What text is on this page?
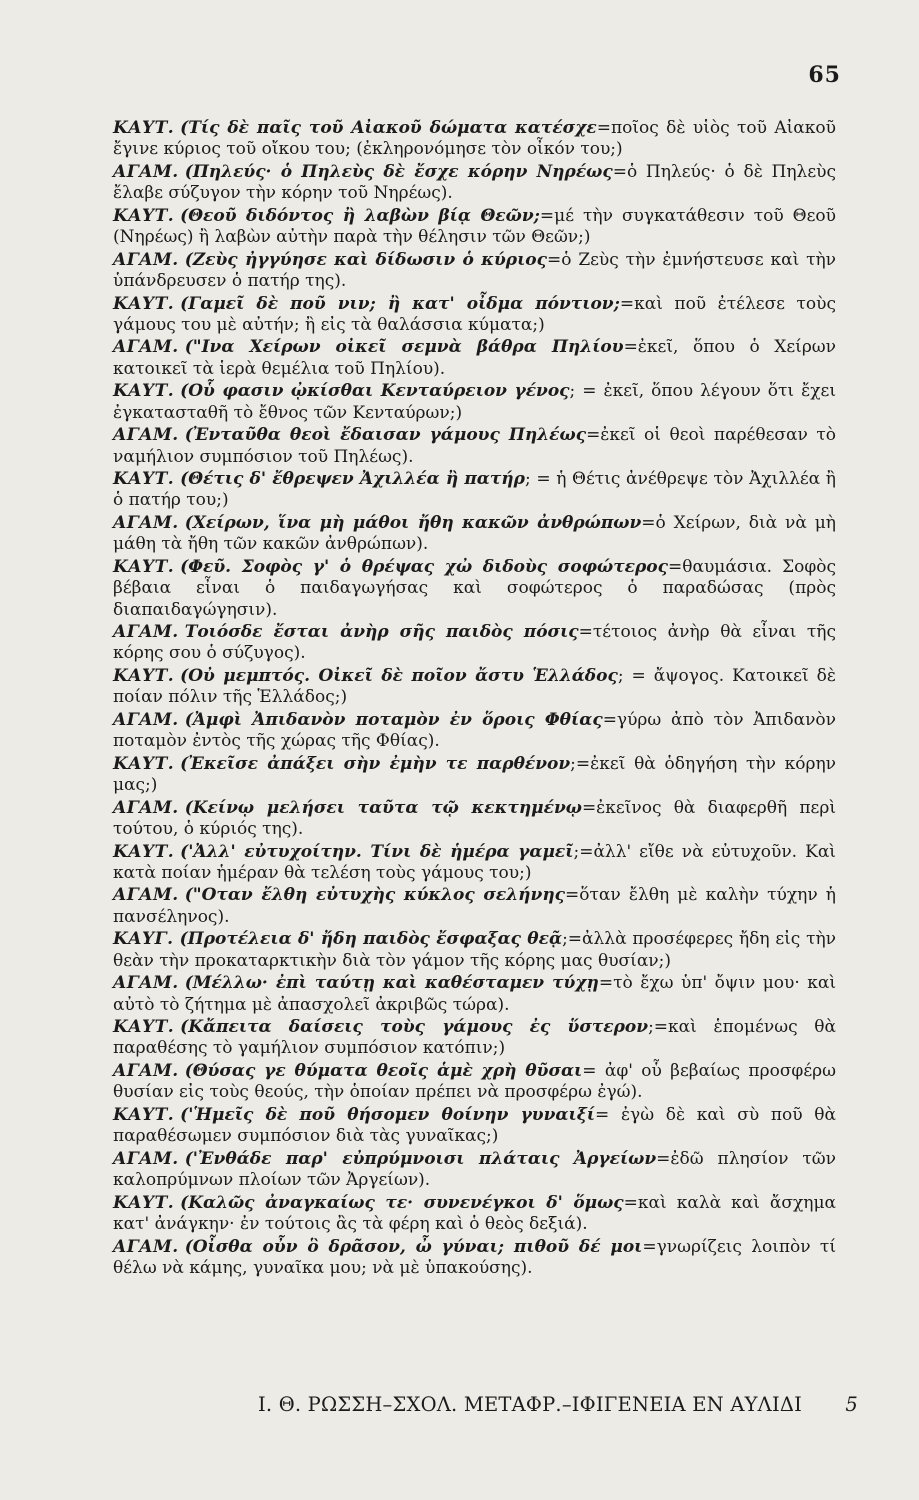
65

ΚΑΥΤ. (Τίς δὲ παῖς τοῦ Αἰακοῦ δώματα κατέσχε=ποῖος δὲ υἱὸς τοῦ Αἰακοῦ ἔγινε κύριος τοῦ οἴκου του; (ἐκληρονόμησε τὸν οἶκόν του;)

ΑΓΑΜ. (Πηλεύς· ὁ Πηλεὺς δὲ ἔσχε κόρην Νηρέως=ὁ Πηλεύς· ὁ δὲ Πηλεὺς ἔλαβε σύζυγον τὴν κόρην τοῦ Νηρέως).

ΚΑΥΤ. (Θεοῦ διδόντος ἢ λαβὼν βίᾳ Θεῶν;=μέ τὴν συγκατάθεσιν τοῦ Θεοῦ (Νηρέως) ἢ λαβὼν αὐτὴν παρὰ τὴν θέλησιν τῶν Θεῶν;)

ΑΓΑΜ. (Ζεὺς ἠγγύησε καὶ δίδωσιν ὁ κύριος=ὁ Ζεὺς τὴν ἐμνήστευσε καὶ τὴν ὑπάνδρευσεν ὁ πατήρ της).

ΚΑΥΤ. (Γαμεῖ δὲ ποῦ νιν; ἢ κατ' οἶδμα πόντιον;=καὶ ποῦ ἐτέλεσε τοὺς γάμους του μὲ αὐτήν; ἢ εἰς τὰ θαλάσσια κύματα;)

ΑΓΑΜ. ("Ινα Χείρων οἰκεῖ σεμνὰ βάθρα Πηλίου=ἐκεῖ, ὅπου ὁ Χείρων κατοικεῖ τὰ ἱερὰ θεμέλια τοῦ Πηλίου).

ΚΑΥΤ. (Οὗ φασιν ᾠκίσθαι Κενταύρειον γένος; = ἐκεῖ, ὅπου λέγουν ὅτι ἔχει ἐγκατασταθῆ τὸ ἔθνος τῶν Κενταύρων;)

ΑΓΑΜ. (Ἐνταῦθα θεοὶ ἔδαισαν γάμους Πηλέως=ἐκεῖ οἱ θεοὶ παρέθεσαν τὸ ναμήλιον συμπόσιον τοῦ Πηλέως).

ΚΑΥΤ. (Θέτις δ' ἔθρεψεν Ἀχιλλέα ἢ πατήρ; = ἡ Θέτις ἀνέθρεψε τὸν Ἀχιλλέα ἢ ὁ πατήρ του;)

ΑΓΑΜ. (Χείρων, ἵνα μὴ μάθοι ἤθη κακῶν ἀνθρώπων=ὁ Χείρων, διὰ νὰ μὴ μάθη τὰ ἤθη τῶν κακῶν ἀνθρώπων).

ΚΑΥΤ. (Φεῦ. Σοφὸς γ' ὁ θρέψας χὠ διδοὺς σοφώτερος=θαυμάσια. Σοφὸς βέβαια εἶναι ὁ παιδαγωγήσας καὶ σοφώτερος ὁ παραδώσας (πρὸς διαπαιδαγώγησιν).

ΑΓΑΜ. Τοιόσδε ἔσται ἀνὴρ σῆς παιδὸς πόσις=τέτοιος ἀνὴρ θὰ εἶναι τῆς κόρης σου ὁ σύζυγος).

ΚΑΥΤ. (Οὐ μεμπτός. Οἰκεῖ δὲ ποῖον ἄστυ Ἑλλάδος; = ἄψογος. Κατοικεῖ δὲ ποίαν πόλιν τῆς Ἑλλάδος;)

ΑΓΑΜ. (Ἀμφὶ Ἀπιδανὸν ποταμὸν ἐν ὅροις Φθίας=γύρω ἀπὸ τὸν Ἀπιδανὸν ποταμὸν ἐντὸς τῆς χώρας τῆς Φθίας).

ΚΑΥΤ. (Ἐκεῖσε ἀπάξει σὴν ἐμὴν τε παρθένον;=ἐκεῖ θὰ ὁδηγήση τὴν κόρην μας;)

ΑΓΑΜ. (Κείνῳ μελήσει ταῦτα τῷ κεκτημένῳ=ἐκεῖνος θὰ διαφερθῆ περὶ τούτου, ὁ κύριός της).

ΚΑΥΤ. ('Ἀλλ' εὐτυχοίτην. Τίνι δὲ ἡμέρα γαμεῖ;=ἀλλ' εἴθε νὰ εὐτυχοῦν. Καὶ κατὰ ποίαν ἡμέραν θὰ τελέση τοὺς γάμους του;)

ΑΓΑΜ. ("Οταν ἔλθη εὐτυχὴς κύκλος σελήνης=ὅταν ἔλθη μὲ καλὴν τύχην ἡ πανσέληνος).

ΚΑΥΓ. (Προτέλεια δ' ἤδη παιδὸς ἔσφαξας θεᾷ;=ἀλλὰ προσέφερες ἤδη εἰς τὴν θεὰν τὴν προκαταρκτικὴν διὰ τὸν γάμον τῆς κόρης μας θυσίαν;)

ΑΓΑΜ. (Μέλλω· ἐπὶ ταύτῃ καὶ καθέσταμεν τύχῃ=τὸ ἔχω ὑπ' ὄψιν μου· καὶ αὐτὸ τὸ ζήτημα μὲ ἀπασχολεῖ ἀκριβῶς τώρα).

ΚΑΥΤ. (Κἄπειτα δαίσεις τοὺς γάμους ἐς ὕστερον;=καὶ ἑπομένως θὰ παραθέσης τὸ γαμήλιον συμπόσιον κατόπιν;)

ΑΓΑΜ. (Θύσας γε θύματα θεοῖς ἁμὲ χρὴ θῦσαι= ἀφ' οὗ βεβαίως προσφέρω θυσίαν εἰς τοὺς θεούς, τὴν ὁποίαν πρέπει νὰ προσφέρω ἐγώ).

ΚΑΥΤ. ('Ἡμεῖς δὲ ποῦ θήσομεν θοίνην γυναιξί= ἐγὼ δὲ καὶ σὺ ποῦ θὰ παραθέσωμεν συμπόσιον διὰ τὰς γυναῖκας;)

ΑΓΑΜ. ('Ἐνθάδε παρ' εὐπρύμνοισι πλάταις Ἀργείων=ἐδῶ πλησίον τῶν καλοπρύμνων πλοίων τῶν Ἀργείων).

ΚΑΥΤ. (Καλῶς ἀναγκαίως τε· συνενέγκοι δ' ὅμως=καὶ καλὰ καὶ ἄσχημα κατ' ἀνάγκην· ἐν τούτοις ἂς τὰ φέρη καὶ ὁ θεὸς δεξιά).

ΑΓΑΜ. (Οἶσθα οὖν ὃ δρᾶσον, ὦ γύναι; πιθοῦ δέ μοι=γνωρίζεις λοιπὸν τί θέλω νὰ κάμης, γυναῖκα μου; νὰ μὲ ὑπακούσης).

Ι. Θ. ΡΩΣΣΗ–ΣΧΟΛ. ΜΕΤΑΦΡ.–ΙΦΙΓΕΝΕΙΑ ΕΝ ΑΥΛΙΔΙ 5
